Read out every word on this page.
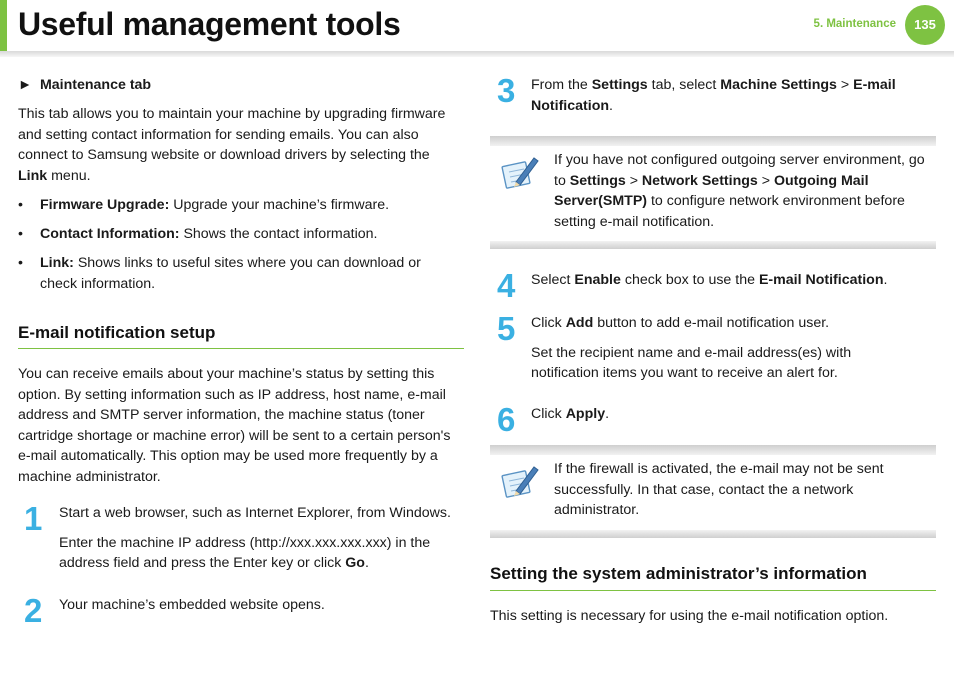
Useful management tools	5. Maintenance	135
► Maintenance tab
This tab allows you to maintain your machine by upgrading firmware
and setting contact information for sending emails. You can also
connect to Samsung website or download drivers by selecting the
Link menu.
• Firmware Upgrade: Upgrade your machine’s firmware.
• Contact Information: Shows the contact information.
• Link: Shows links to useful sites where you can download or
check information.
E-mail notification setup
You can receive emails about your machine’s status by setting this
option. By setting information such as IP address, host name, e-mail
address and SMTP server information, the machine status (toner
cartridge shortage or machine error) will be sent to a certain person's
e-mail automatically. This option may be used more frequently by a
machine administrator.
1 Start a web browser, such as Internet Explorer, from Windows.
Enter the machine IP address (http://xxx.xxx.xxx.xxx) in the
address field and press the Enter key or click Go.
2 Your machine’s embedded website opens.
3 From the Settings tab, select Machine Settings > E-mail
Notification.
If you have not configured outgoing server environment, go
to Settings > Network Settings > Outgoing Mail
Server(SMTP) to configure network environment before
setting e-mail notification.
4 Select Enable check box to use the E-mail Notification.
5 Click Add button to add e-mail notification user.
Set the recipient name and e-mail address(es) with
notification items you want to receive an alert for.
6 Click Apply.
If the firewall is activated, the e-mail may not be sent
successfully. In that case, contact the a network
administrator.
Setting the system administrator’s information
This setting is necessary for using the e-mail notification option.
